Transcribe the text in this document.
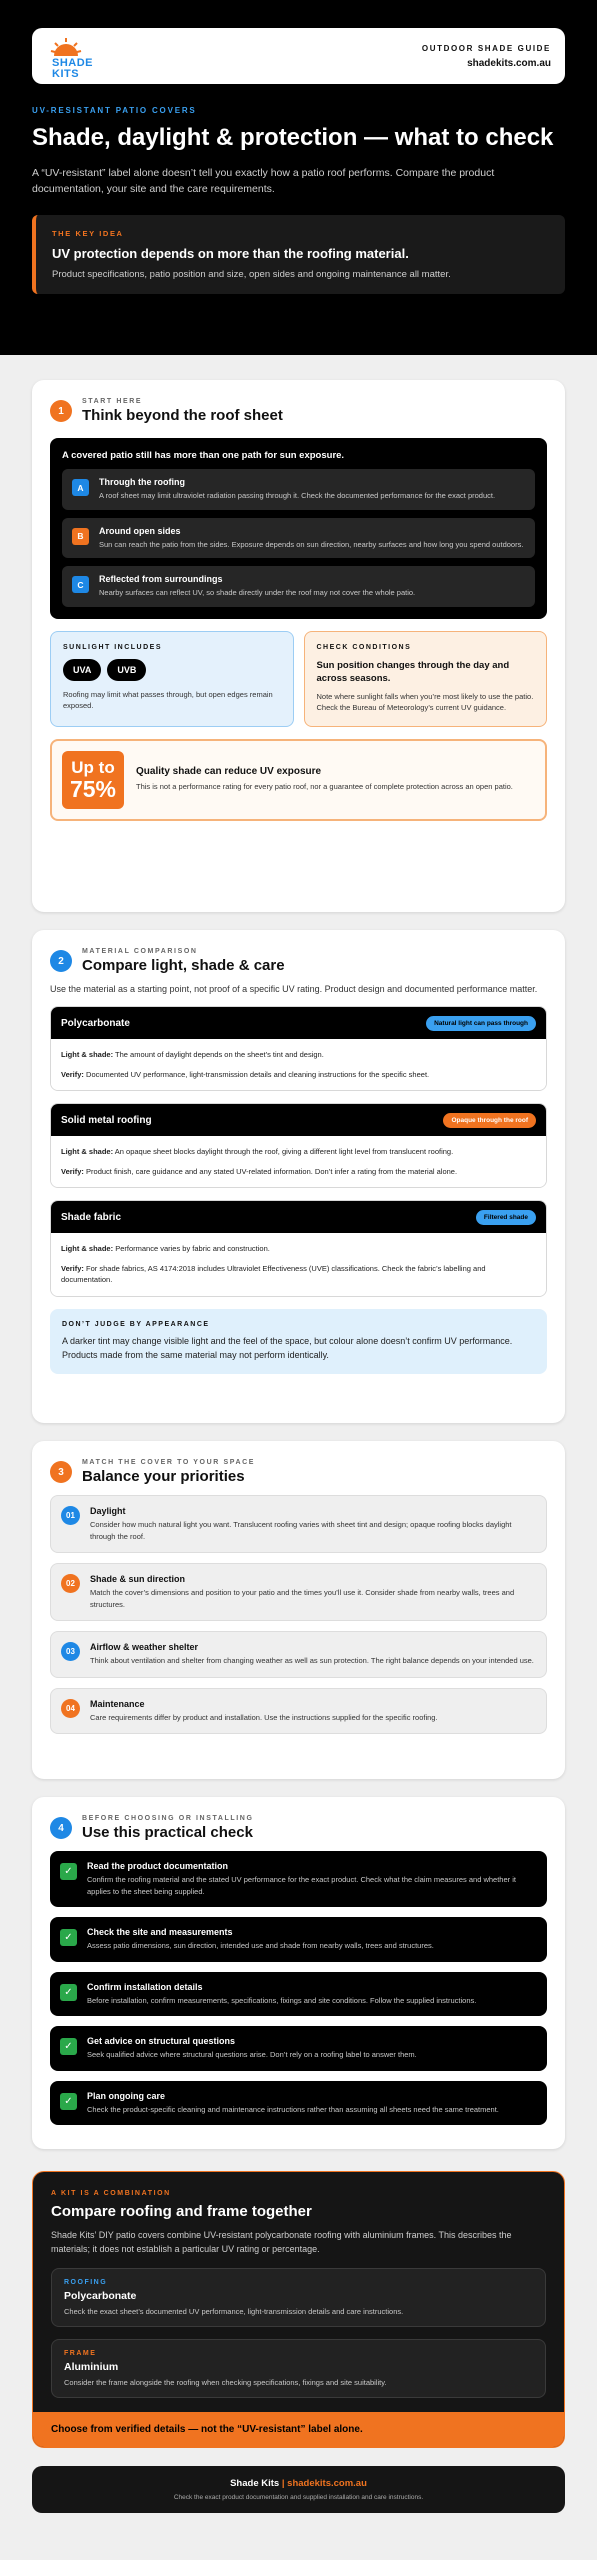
SHADE
KITS
OUTDOOR SHADE GUIDE
shadekits.com.au
UV-RESISTANT PATIO COVERS
Shade, daylight & protection — what to check

A “UV-resistant” label alone doesn’t tell you exactly how a patio roof performs. Compare the product documentation, your site and the care requirements.

THE KEY IDEA
UV protection depends on more than the roofing material.
Product specifications, patio position and size, open sides and ongoing maintenance all matter.
1
START HERE
Think beyond the roof sheet
A covered patio still has more than one path for sun exposure.
A
Through the roofing
A roof sheet may limit ultraviolet radiation passing through it. Check the documented performance for the exact product.
B
Around open sides
Sun can reach the patio from the sides. Exposure depends on sun direction, nearby surfaces and how long you spend outdoors.
C
Reflected from surroundings
Nearby surfaces can reflect UV, so shade directly under the roof may not cover the whole patio.
SUNLIGHT INCLUDES
UVA	UVB
Roofing may limit what passes through, but open edges remain exposed.
CHECK CONDITIONS
Sun position changes through the day and across seasons.
Note where sunlight falls when you’re most likely to use the patio. Check the Bureau of Meteorology’s current UV guidance.
Up to
75%
Quality shade can reduce UV exposure
This is not a performance rating for every patio roof, nor a guarantee of complete protection across an open patio.
2
MATERIAL COMPARISON
Compare light, shade & care
Use the material as a starting point, not proof of a specific UV rating. Product design and documented performance matter.
Polycarbonate	Natural light can pass through

Light & shade: The amount of daylight depends on the sheet’s tint and design.

Verify: Documented UV performance, light-transmission details and cleaning instructions for the specific sheet.

Solid metal roofing	Opaque through the roof

Light & shade: An opaque sheet blocks daylight through the roof, giving a different light level from translucent roofing.

Verify: Product finish, care guidance and any stated UV-related information. Don’t infer a rating from the material alone.

Shade fabric	Filtered shade

Light & shade: Performance varies by fabric and construction.

Verify: For shade fabrics, AS 4174:2018 includes Ultraviolet Effectiveness (UVE) classifications. Check the fabric’s labelling and documentation.

DON’T JUDGE BY APPEARANCE
A darker tint may change visible light and the feel of the space, but colour alone doesn’t confirm UV performance. Products made from the same material may not perform identically.
3
MATCH THE COVER TO YOUR SPACE
Balance your priorities
01	Daylight
Consider how much natural light you want. Translucent roofing varies with sheet tint and design; opaque roofing blocks daylight through the roof.
02	Shade & sun direction
Match the cover’s dimensions and position to your patio and the times you’ll use it. Consider shade from nearby walls, trees and structures.
03	Airflow & weather shelter
Think about ventilation and shelter from changing weather as well as sun protection. The right balance depends on your intended use.
04	Maintenance
Care requirements differ by product and installation. Use the instructions supplied for the specific roofing.
4
BEFORE CHOOSING OR INSTALLING
Use this practical check
✓	Read the product documentation
Confirm the roofing material and the stated UV performance for the exact product. Check what the claim measures and whether it applies to the sheet being supplied.
✓	Check the site and measurements
Assess patio dimensions, sun direction, intended use and shade from nearby walls, trees and structures.
✓	Confirm installation details
Before installation, confirm measurements, specifications, fixings and site conditions. Follow the supplied instructions.
✓	Get advice on structural questions
Seek qualified advice where structural questions arise. Don’t rely on a roofing label to answer them.
✓	Plan ongoing care
Check the product-specific cleaning and maintenance instructions rather than assuming all sheets need the same treatment.
A KIT IS A COMBINATION
Compare roofing and frame together
Shade Kits’ DIY patio covers combine UV-resistant polycarbonate roofing with aluminium frames. This describes the materials; it does not establish a particular UV rating or percentage.
ROOFING
Polycarbonate
Check the exact sheet’s documented UV performance, light-transmission details and care instructions.
FRAME
Aluminium
Consider the frame alongside the roofing when checking specifications, fixings and site suitability.
Choose from verified details — not the “UV-resistant” label alone.
Shade Kits | shadekits.com.au
Check the exact product documentation and supplied installation and care instructions.
